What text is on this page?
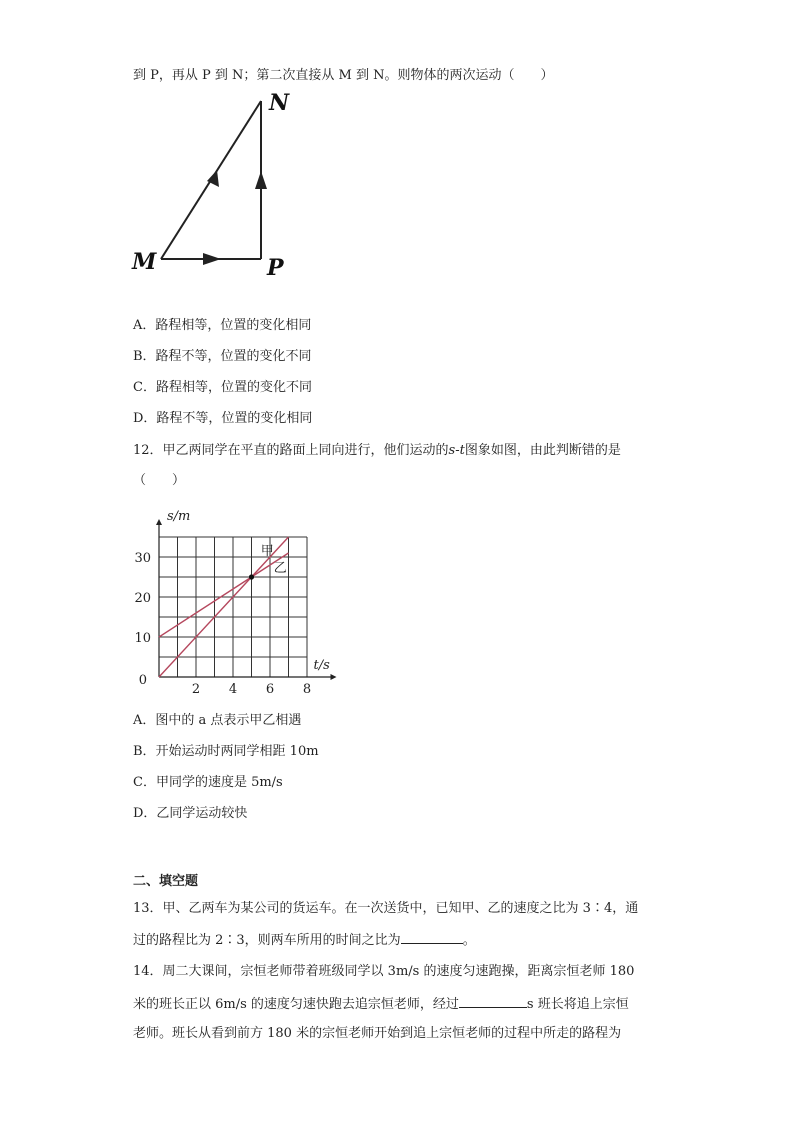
到 P，再从 P 到 N；第二次直接从 M 到 N。则物体的两次运动（　　）
N
M	P
A．路程相等，位置的变化相同
B．路程不等，位置的变化不同
C．路程相等，位置的变化不同
D．路程不等，位置的变化相同
12．甲乙两同学在平直的路面上同向进行，他们运动的s-t图象如图，由此判断错的是
（　　）
s/m
t/s
2 4 6 8
10
20
30
0
甲
乙
A．图中的 a 点表示甲乙相遇
B．开始运动时两同学相距 10m
C．甲同学的速度是 5m/s
D．乙同学运动较快
二、填空题
13．甲、乙两车为某公司的货运车。在一次送货中，已知甲、乙的速度之比为 3∶4，通
过的路程比为 2∶3，则两车所用的时间之比为	。
14．周二大课间，宗恒老师带着班级同学以 3m/s 的速度匀速跑操，距离宗恒老师 180
米的班长正以 6m/s 的速度匀速快跑去追宗恒老师，经过	s 班长将追上宗恒
老师。班长从看到前方 180 米的宗恒老师开始到追上宗恒老师的过程中所走的路程为
